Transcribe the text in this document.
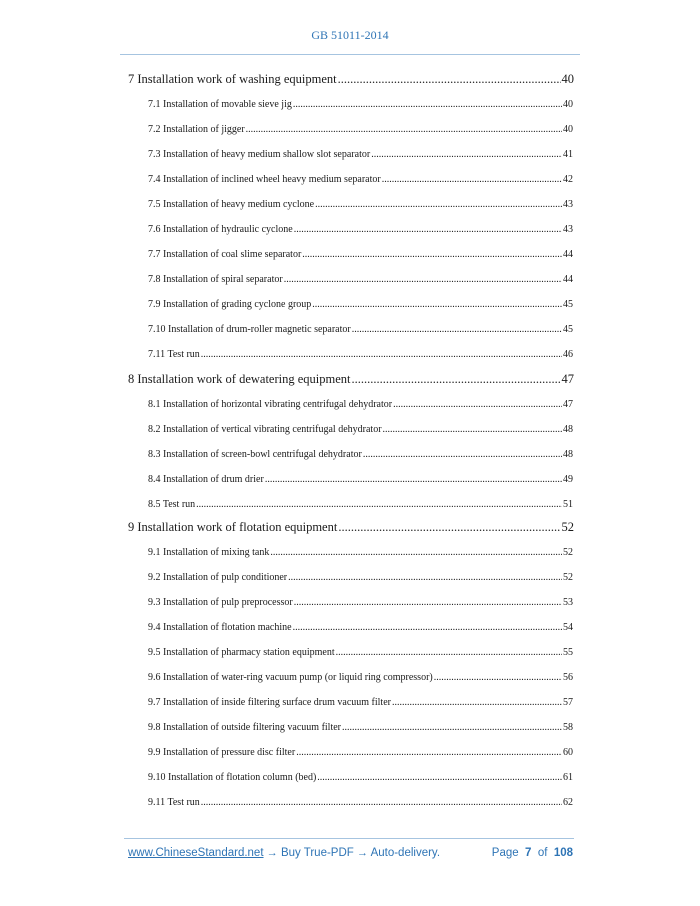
GB 51011-2014
7 Installation work of washing equipment .....	40
7.1 Installation of movable sieve jig .....	40
7.2 Installation of jigger .....	40
7.3 Installation of heavy medium shallow slot separator .....	41
7.4 Installation of inclined wheel heavy medium separator .....	42
7.5 Installation of heavy medium cyclone .....	43
7.6 Installation of hydraulic cyclone .....	43
7.7 Installation of coal slime separator .....	44
7.8 Installation of spiral separator .....	44
7.9 Installation of grading cyclone group .....	45
7.10 Installation of drum-roller magnetic separator .....	45
7.11 Test run .....	46
8 Installation work of dewatering equipment .....	47
8.1 Installation of horizontal vibrating centrifugal dehydrator .....	47
8.2 Installation of vertical vibrating centrifugal dehydrator .....	48
8.3 Installation of screen-bowl centrifugal dehydrator .....	48
8.4 Installation of drum drier .....	49
8.5 Test run .....	51
9 Installation work of flotation equipment .....	52
9.1 Installation of mixing tank .....	52
9.2 Installation of pulp conditioner .....	52
9.3 Installation of pulp preprocessor .....	53
9.4 Installation of flotation machine .....	54
9.5 Installation of pharmacy station equipment .....	55
9.6 Installation of water-ring vacuum pump (or liquid ring compressor) .....	56
9.7 Installation of inside filtering surface drum vacuum filter .....	57
9.8 Installation of outside filtering vacuum filter .....	58
9.9 Installation of pressure disc filter .....	60
9.10 Installation of flotation column (bed) .....	61
9.11 Test run .....	62
www.ChineseStandard.net → Buy True-PDF → Auto-delivery.	Page 7 of 108
